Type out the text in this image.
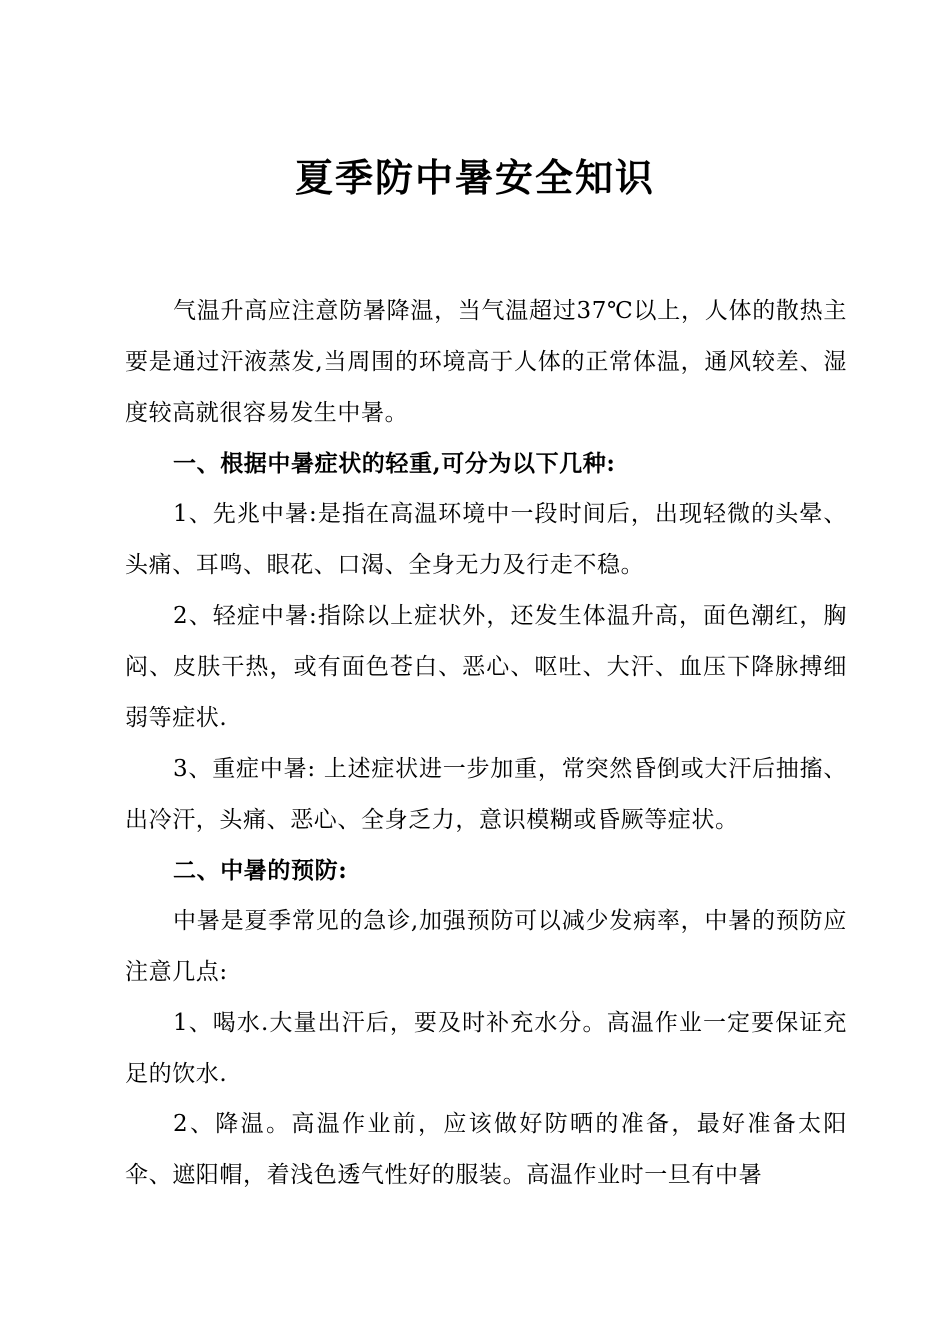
夏季防中暑安全知识

气温升高应注意防暑降温，当气温超过37℃以上，人体的散热主要是通过汗液蒸发,当周围的环境高于人体的正常体温，通风较差、湿度较高就很容易发生中暑。

一、根据中暑症状的轻重,可分为以下几种:

1、先兆中暑:是指在高温环境中一段时间后，出现轻微的头晕、头痛、耳鸣、眼花、口渴、全身无力及行走不稳。

2、轻症中暑:指除以上症状外，还发生体温升高，面色潮红，胸闷、皮肤干热，或有面色苍白、恶心、呕吐、大汗、血压下降脉搏细弱等症状.

3、重症中暑: 上述症状进一步加重，常突然昏倒或大汗后抽搐、出冷汗，头痛、恶心、全身乏力，意识模糊或昏厥等症状。

二、中暑的预防:

中暑是夏季常见的急诊,加强预防可以减少发病率，中暑的预防应注意几点:

1、喝水.大量出汗后，要及时补充水分。高温作业一定要保证充足的饮水.

2、降温。高温作业前，应该做好防晒的准备，最好准备太阳伞、遮阳帽，着浅色透气性好的服装。高温作业时一旦有中暑
